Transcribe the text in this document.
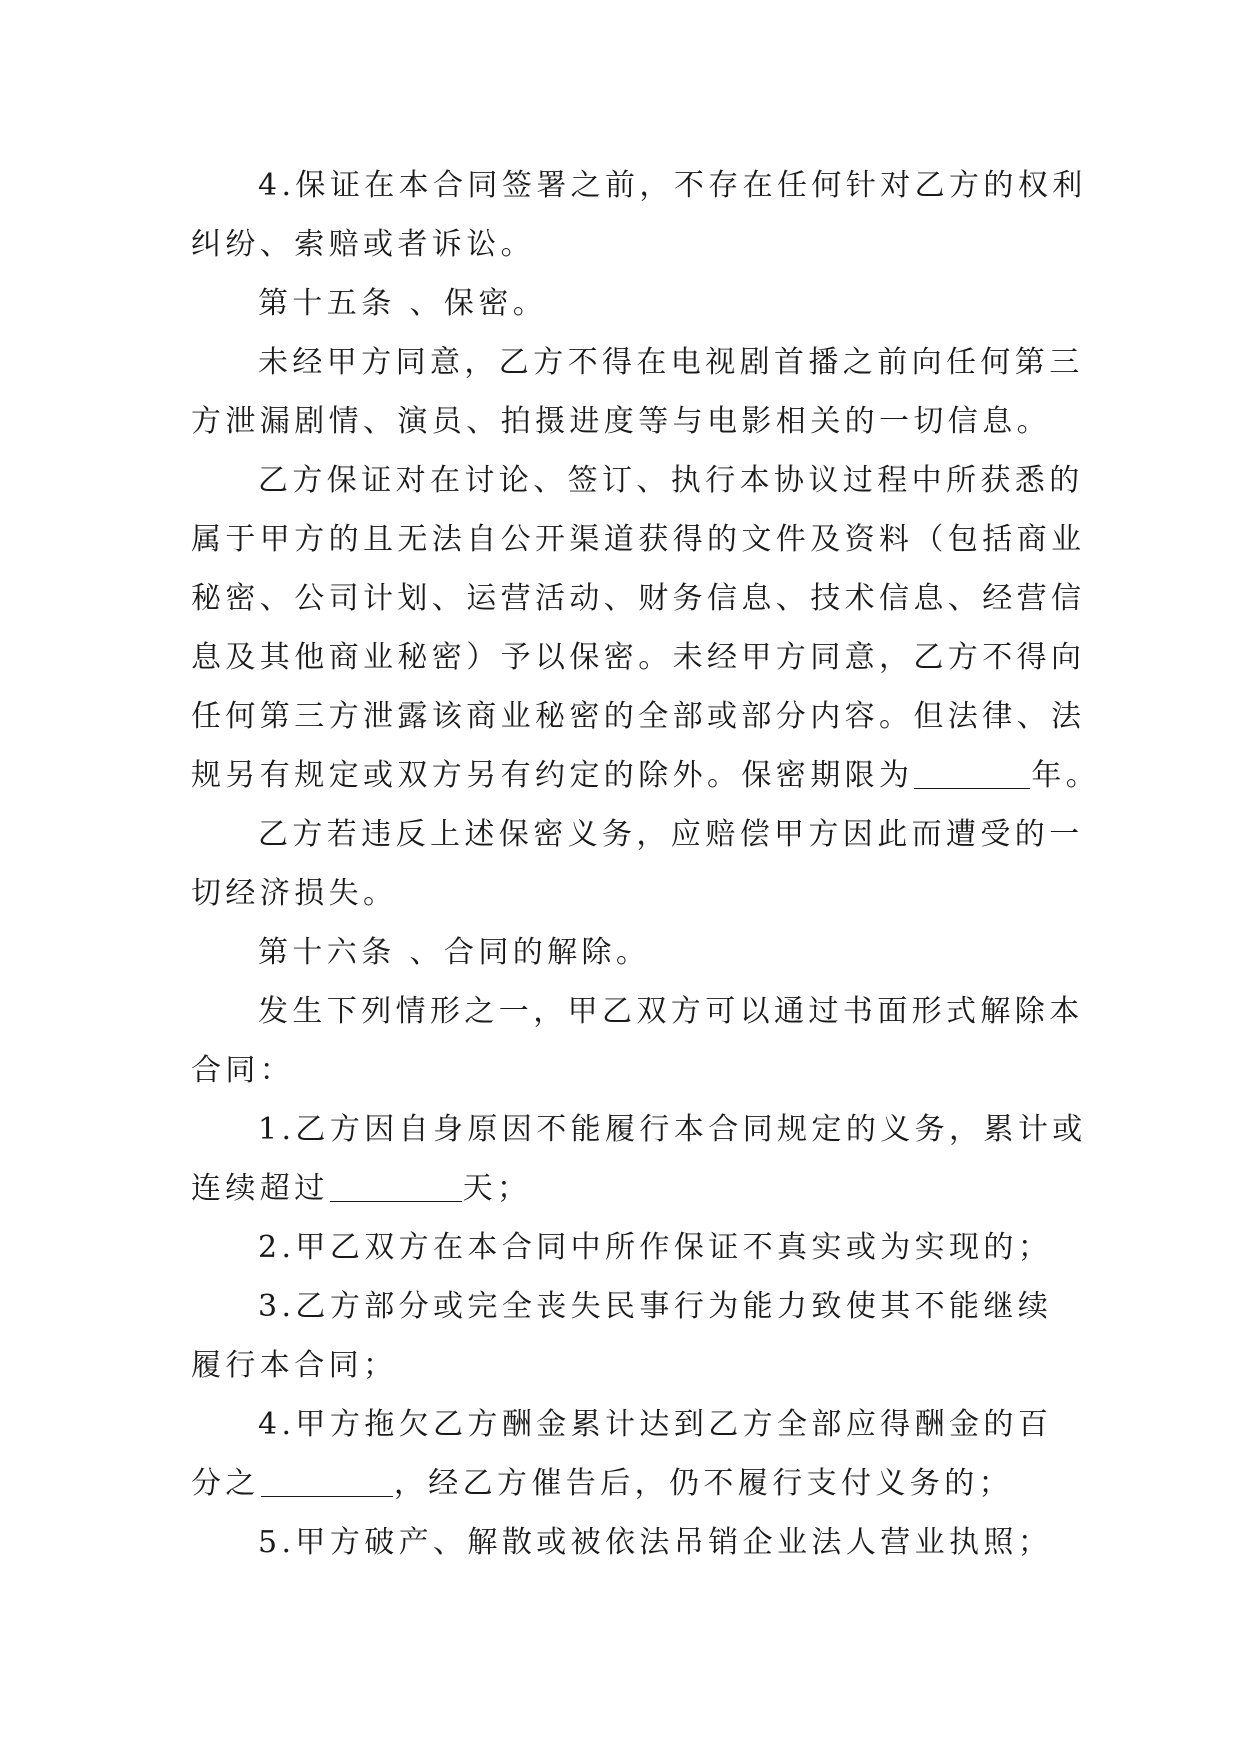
4.保证在本合同签署之前，不存在任何针对乙方的权利
纠纷、索赔或者诉讼。

第十五条 、保密。

未经甲方同意，乙方不得在电视剧首播之前向任何第三
方泄漏剧情、演员、拍摄进度等与电影相关的一切信息。

乙方保证对在讨论、签订、执行本协议过程中所获悉的
属于甲方的且无法自公开渠道获得的文件及资料（包括商业
秘密、公司计划、运营活动、财务信息、技术信息、经营信
息及其他商业秘密）予以保密。未经甲方同意，乙方不得向
任何第三方泄露该商业秘密的全部或部分内容。但法律、法
规另有规定或双方另有约定的除外。保密期限为	年。

乙方若违反上述保密义务，应赔偿甲方因此而遭受的一
切经济损失。

第十六条 、合同的解除。

发生下列情形之一，甲乙双方可以通过书面形式解除本
合同：

1.乙方因自身原因不能履行本合同规定的义务，累计或
连续超过	天；

2.甲乙双方在本合同中所作保证不真实或为实现的；

3.乙方部分或完全丧失民事行为能力致使其不能继续
履行本合同；

4.甲方拖欠乙方酬金累计达到乙方全部应得酬金的百
分之	，经乙方催告后，仍不履行支付义务的；

5.甲方破产、解散或被依法吊销企业法人营业执照；
